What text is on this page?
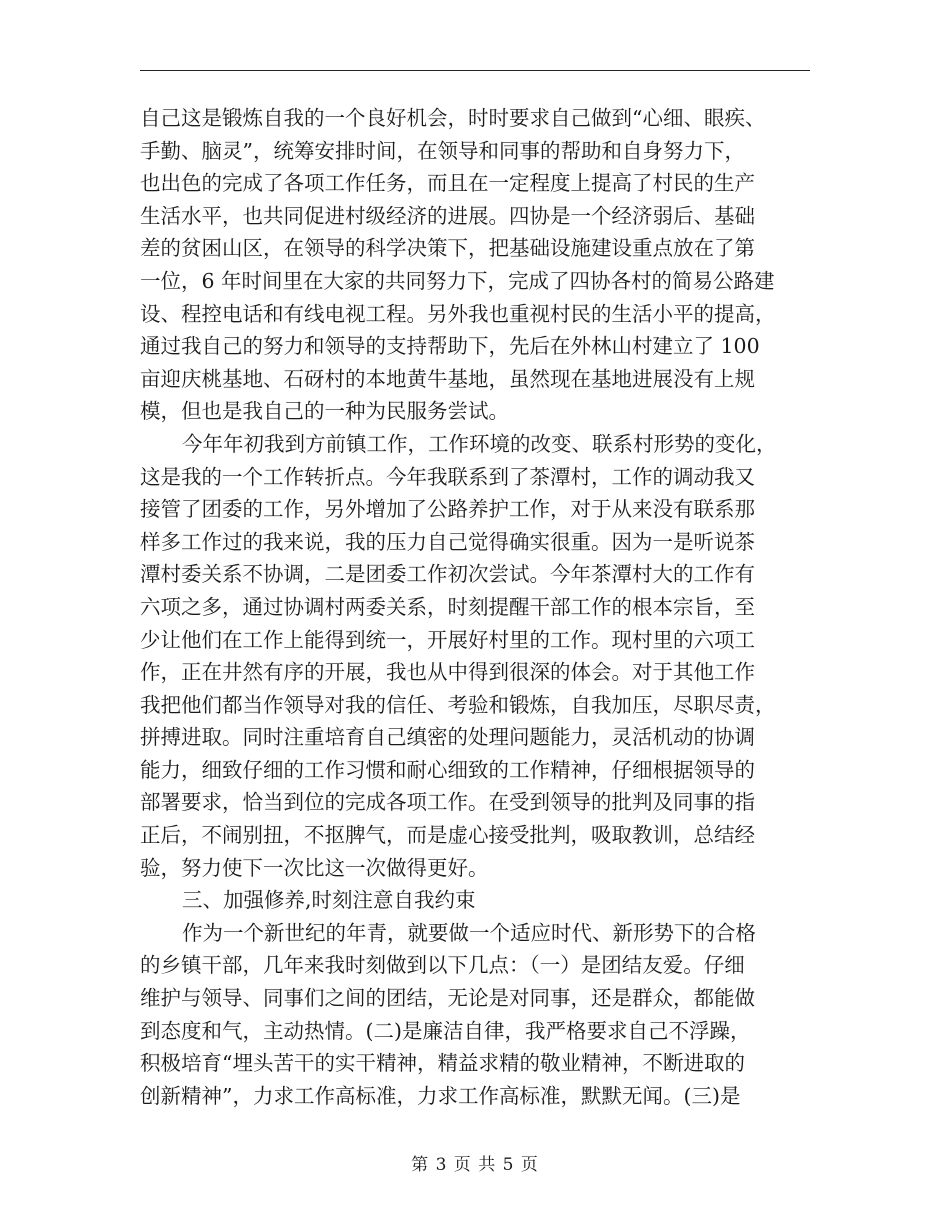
自己这是锻炼自我的一个良好机会，时时要求自己做到“心细、眼疾、
手勤、脑灵”，统筹安排时间，在领导和同事的帮助和自身努力下，
也出色的完成了各项工作任务，而且在一定程度上提高了村民的生产
生活水平，也共同促进村级经济的进展。四协是一个经济弱后、基础
差的贫困山区，在领导的科学决策下，把基础设施建设重点放在了第
一位，6 年时间里在大家的共同努力下，完成了四协各村的简易公路建
设、程控电话和有线电视工程。另外我也重视村民的生活小平的提高，
通过我自己的努力和领导的支持帮助下，先后在外林山村建立了 100
亩迎庆桃基地、石砑村的本地黄牛基地，虽然现在基地进展没有上规
模，但也是我自己的一种为民服务尝试。
今年年初我到方前镇工作，工作环境的改变、联系村形势的变化，
这是我的一个工作转折点。今年我联系到了茶潭村，工作的调动我又
接管了团委的工作，另外增加了公路养护工作，对于从来没有联系那
样多工作过的我来说，我的压力自己觉得确实很重。因为一是听说茶
潭村委关系不协调，二是团委工作初次尝试。今年茶潭村大的工作有
六项之多，通过协调村两委关系，时刻提醒干部工作的根本宗旨，至
少让他们在工作上能得到统一，开展好村里的工作。现村里的六项工
作，正在井然有序的开展，我也从中得到很深的体会。对于其他工作
我把他们都当作领导对我的信任、考验和锻炼，自我加压，尽职尽责，
拼搏进取。同时注重培育自己缜密的处理问题能力，灵活机动的协调
能力，细致仔细的工作习惯和耐心细致的工作精神，仔细根据领导的
部署要求，恰当到位的完成各项工作。在受到领导的批判及同事的指
正后，不闹别扭，不抠脾气，而是虚心接受批判，吸取教训，总结经
验，努力使下一次比这一次做得更好。
三、加强修养,时刻注意自我约束
作为一个新世纪的年青，就要做一个适应时代、新形势下的合格
的乡镇干部，几年来我时刻做到以下几点：（一）是团结友爱。仔细
维护与领导、同事们之间的团结，无论是对同事，还是群众，都能做
到态度和气，主动热情。(二)是廉洁自律，我严格要求自己不浮躁，
积极培育“埋头苦干的实干精神，精益求精的敬业精神，不断进取的
创新精神”，力求工作高标准，力求工作高标准，默默无闻。(三)是
第 3 页 共 5 页
